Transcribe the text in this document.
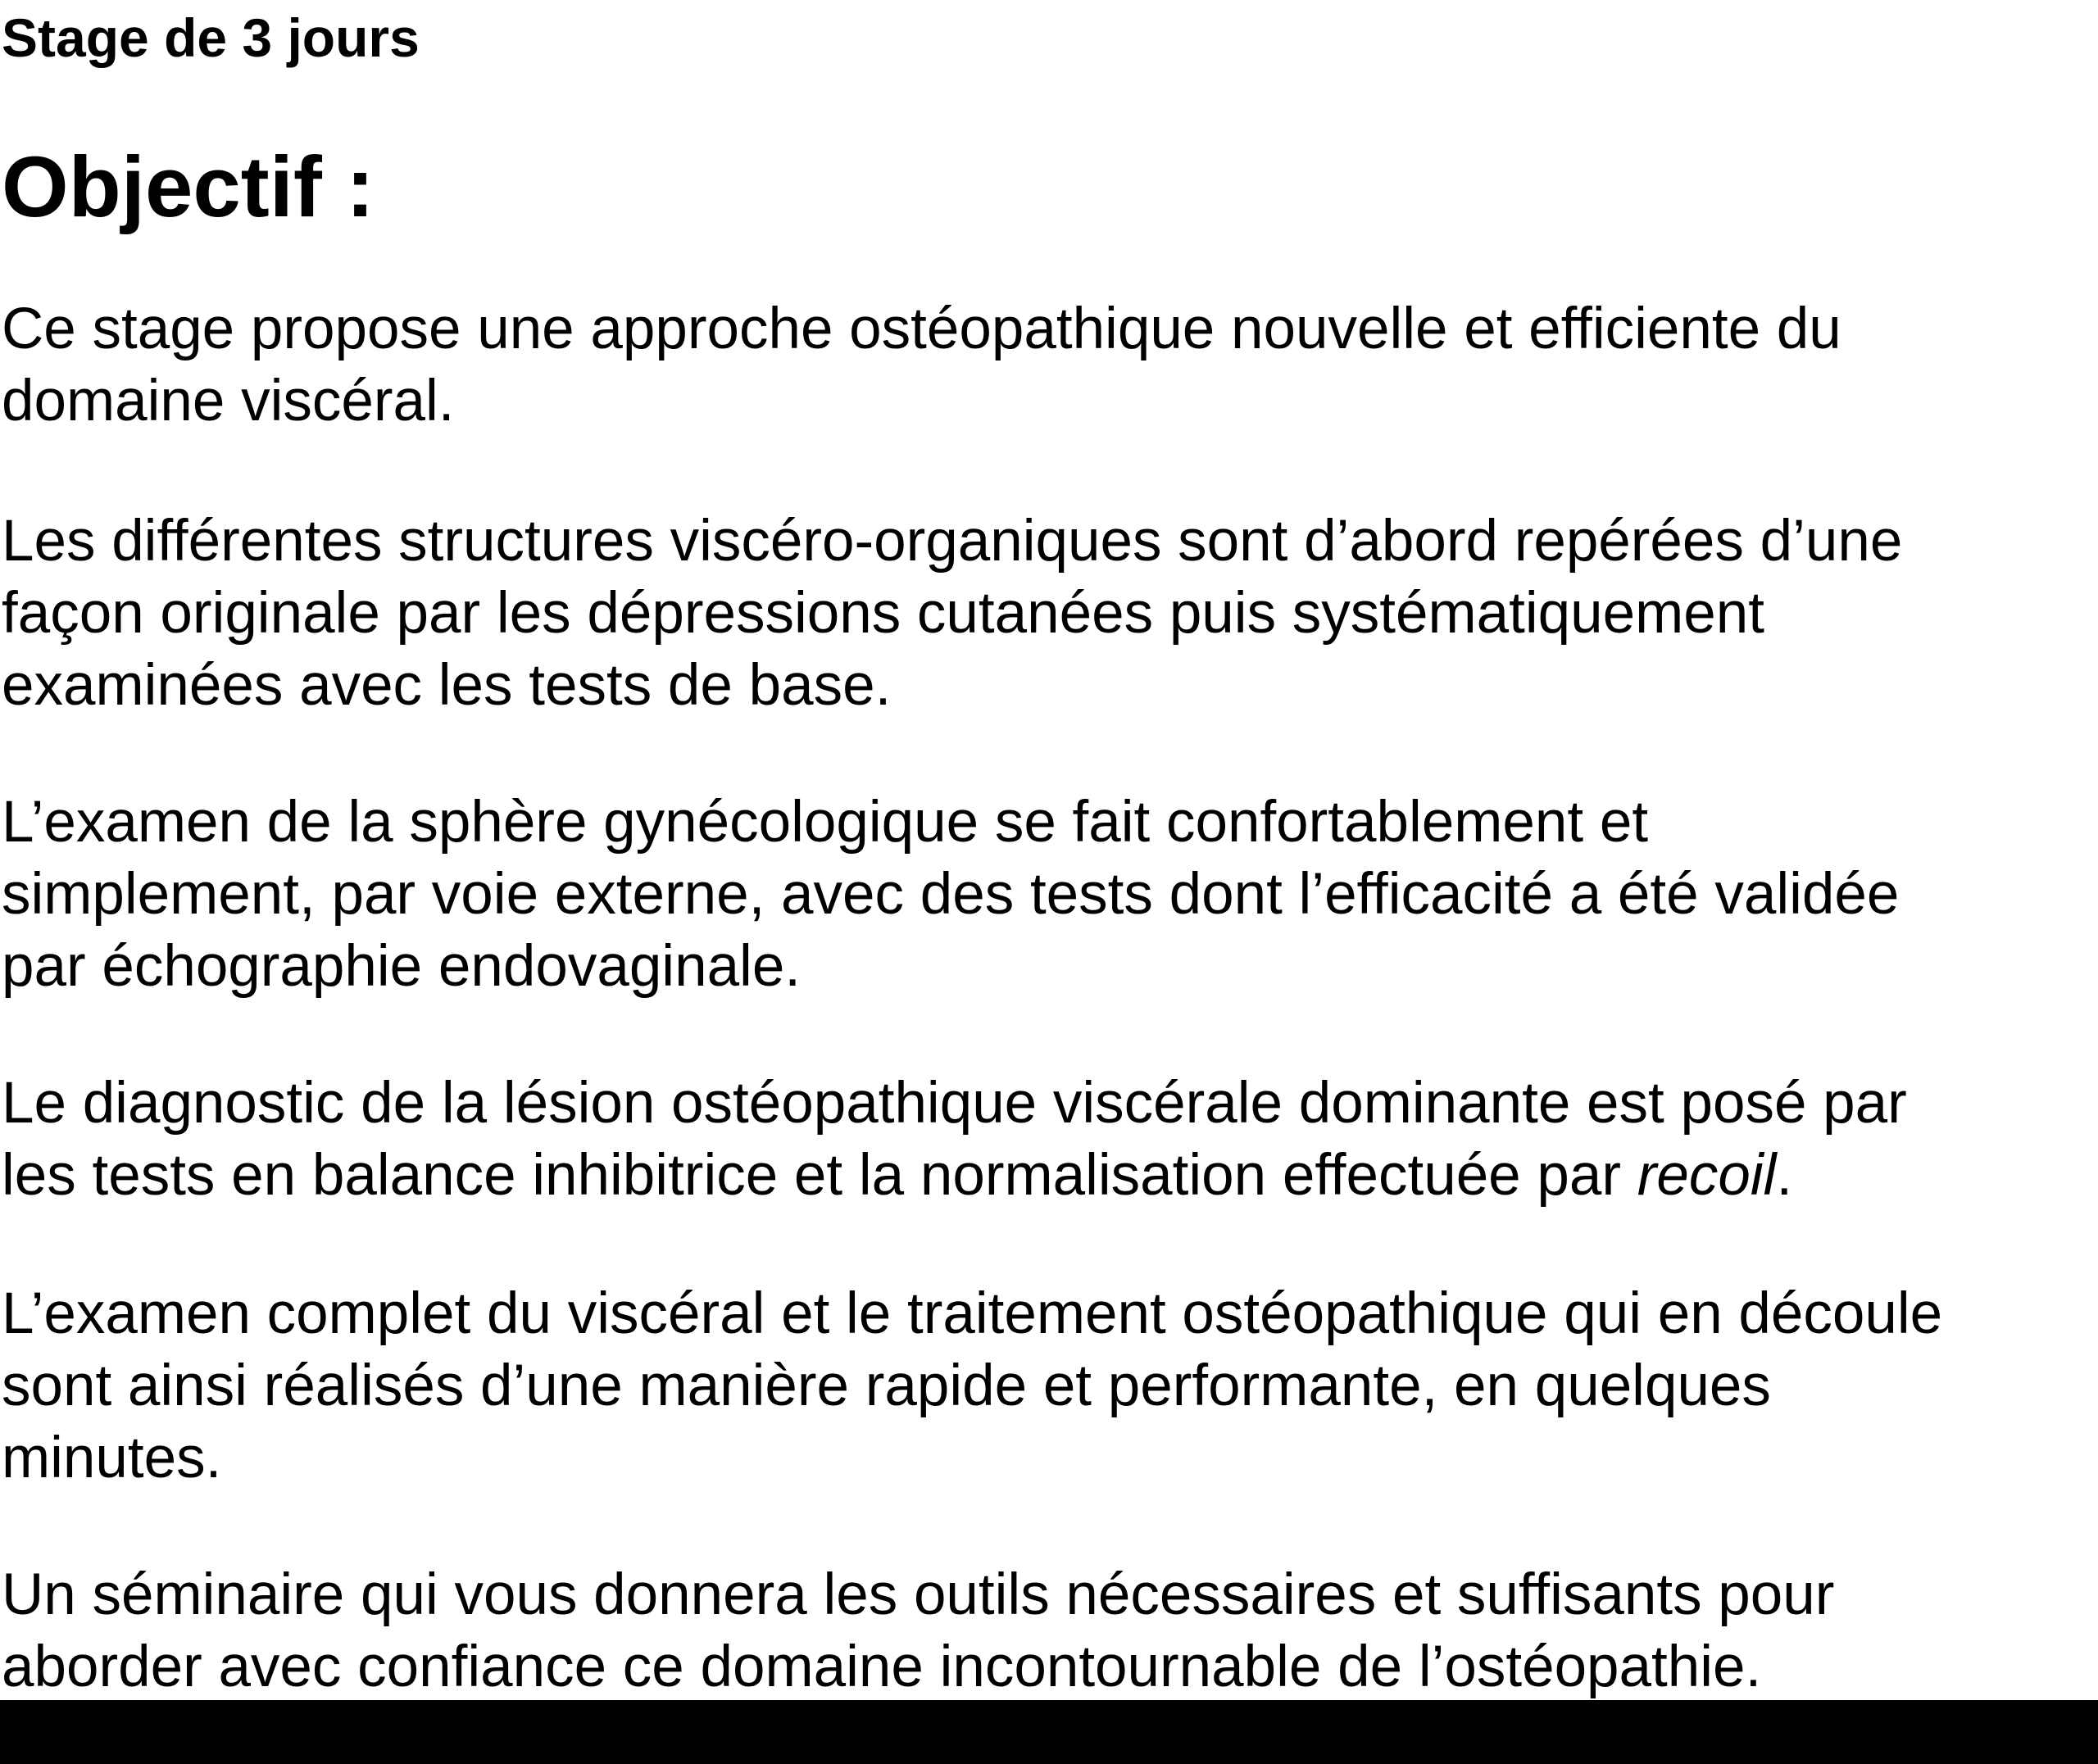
Stage de 3 jours
Objectif :

Ce stage propose une approche ostéopathique nouvelle et efficiente du
domaine viscéral.

Les différentes structures viscéro-organiques sont d’abord repérées d’une
façon originale par les dépressions cutanées puis systématiquement
examinées avec les tests de base.

L’examen de la sphère gynécologique se fait confortablement et
simplement, par voie externe, avec des tests dont l’efficacité a été validée
par échographie endovaginale.

Le diagnostic de la lésion ostéopathique viscérale dominante est posé par
les tests en balance inhibitrice et la normalisation effectuée par recoil.

L’examen complet du viscéral et le traitement ostéopathique qui en découle
sont ainsi réalisés d’une manière rapide et performante, en quelques
minutes.

Un séminaire qui vous donnera les outils nécessaires et suffisants pour
aborder avec confiance ce domaine incontournable de l’ostéopathie.
